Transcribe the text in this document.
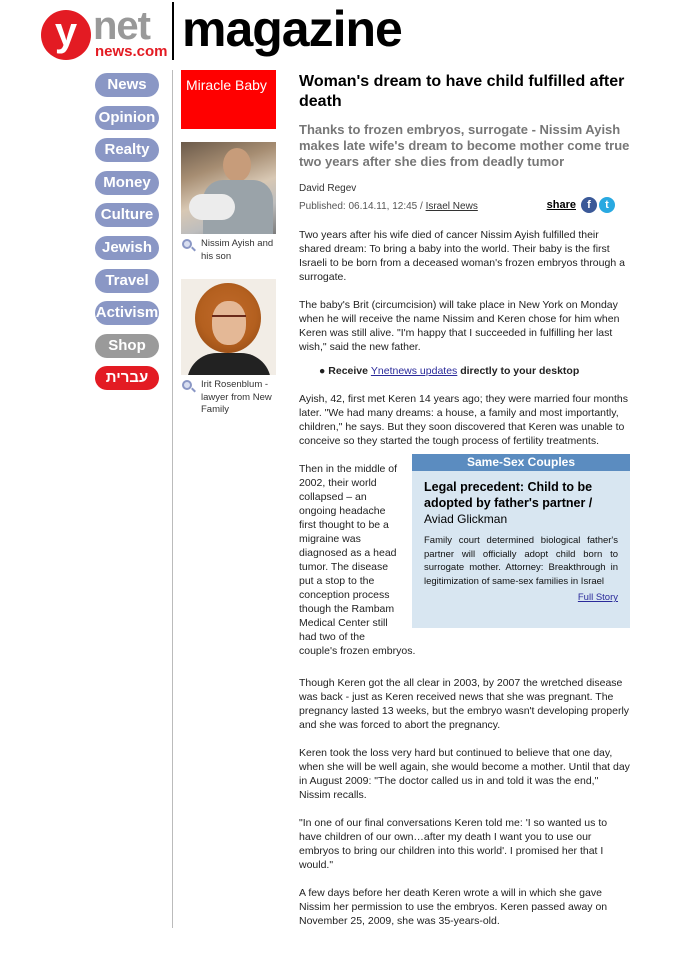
y net
news.com magazine
News
Opinion
Realty
Money
Culture
Jewish
Travel
Activism
Shop
עברית
Miracle Baby
Nissim Ayish and his son
Irit Rosenblum - lawyer from New Family
Woman's dream to have child fulfilled after death
Thanks to frozen embryos, surrogate - Nissim Ayish makes late wife's dream to become mother come true two years after she dies from deadly tumor
David Regev
Published: 06.14.11, 12:45 / Israel News	share	f	t

Two years after his wife died of cancer Nissim Ayish fulfilled their shared dream: To bring a baby into the world. Their baby is the first Israeli to be born from a deceased woman's frozen embryos through a surrogate.

The baby's Brit (circumcision) will take place in New York on Monday when he will receive the name Nissim and Keren chose for him when Keren was still alive. "I'm happy that I succeeded in fulfilling her last wish," said the new father.

● Receive Ynetnews updates directly to your desktop

Ayish, 42, first met Keren 14 years ago; they were married four months later. "We had many dreams: a house, a family and most importantly, children," he says. But they soon discovered that Keren was unable to conceive so they started the tough process of fertility treatments.

Then in the middle of 2002, their world collapsed – an ongoing headache first thought to be a migraine was diagnosed as a head tumor. The disease put a stop to the conception process though the Rambam Medical Center still had two of the

couple's frozen embryos.

Same-Sex Couples
Legal precedent: Child to be adopted by father's partner /
Aviad Glickman
Family court determined biological father's partner will officially adopt child born to surrogate mother. Attorney: Breakthrough in legitimization of same-sex families in Israel
Full Story

Though Keren got the all clear in 2003, by 2007 the wretched disease was back - just as Keren received news that she was pregnant. The pregnancy lasted 13 weeks, but the embryo wasn't developing properly and she was forced to abort the pregnancy.

Keren took the loss very hard but continued to believe that one day, when she will be well again, she would become a mother. Until that day in August 2009: "The doctor called us in and told it was the end," Nissim recalls.

"In one of our final conversations Keren told me: 'I so wanted us to have children of our own…after my death I want you to use our embryos to bring our children into this world'. I promised her that I would."

A few days before her death Keren wrote a will in which she gave Nissim her permission to use the embryos. Keren passed away on November 25, 2009, she was 35-years-old.
